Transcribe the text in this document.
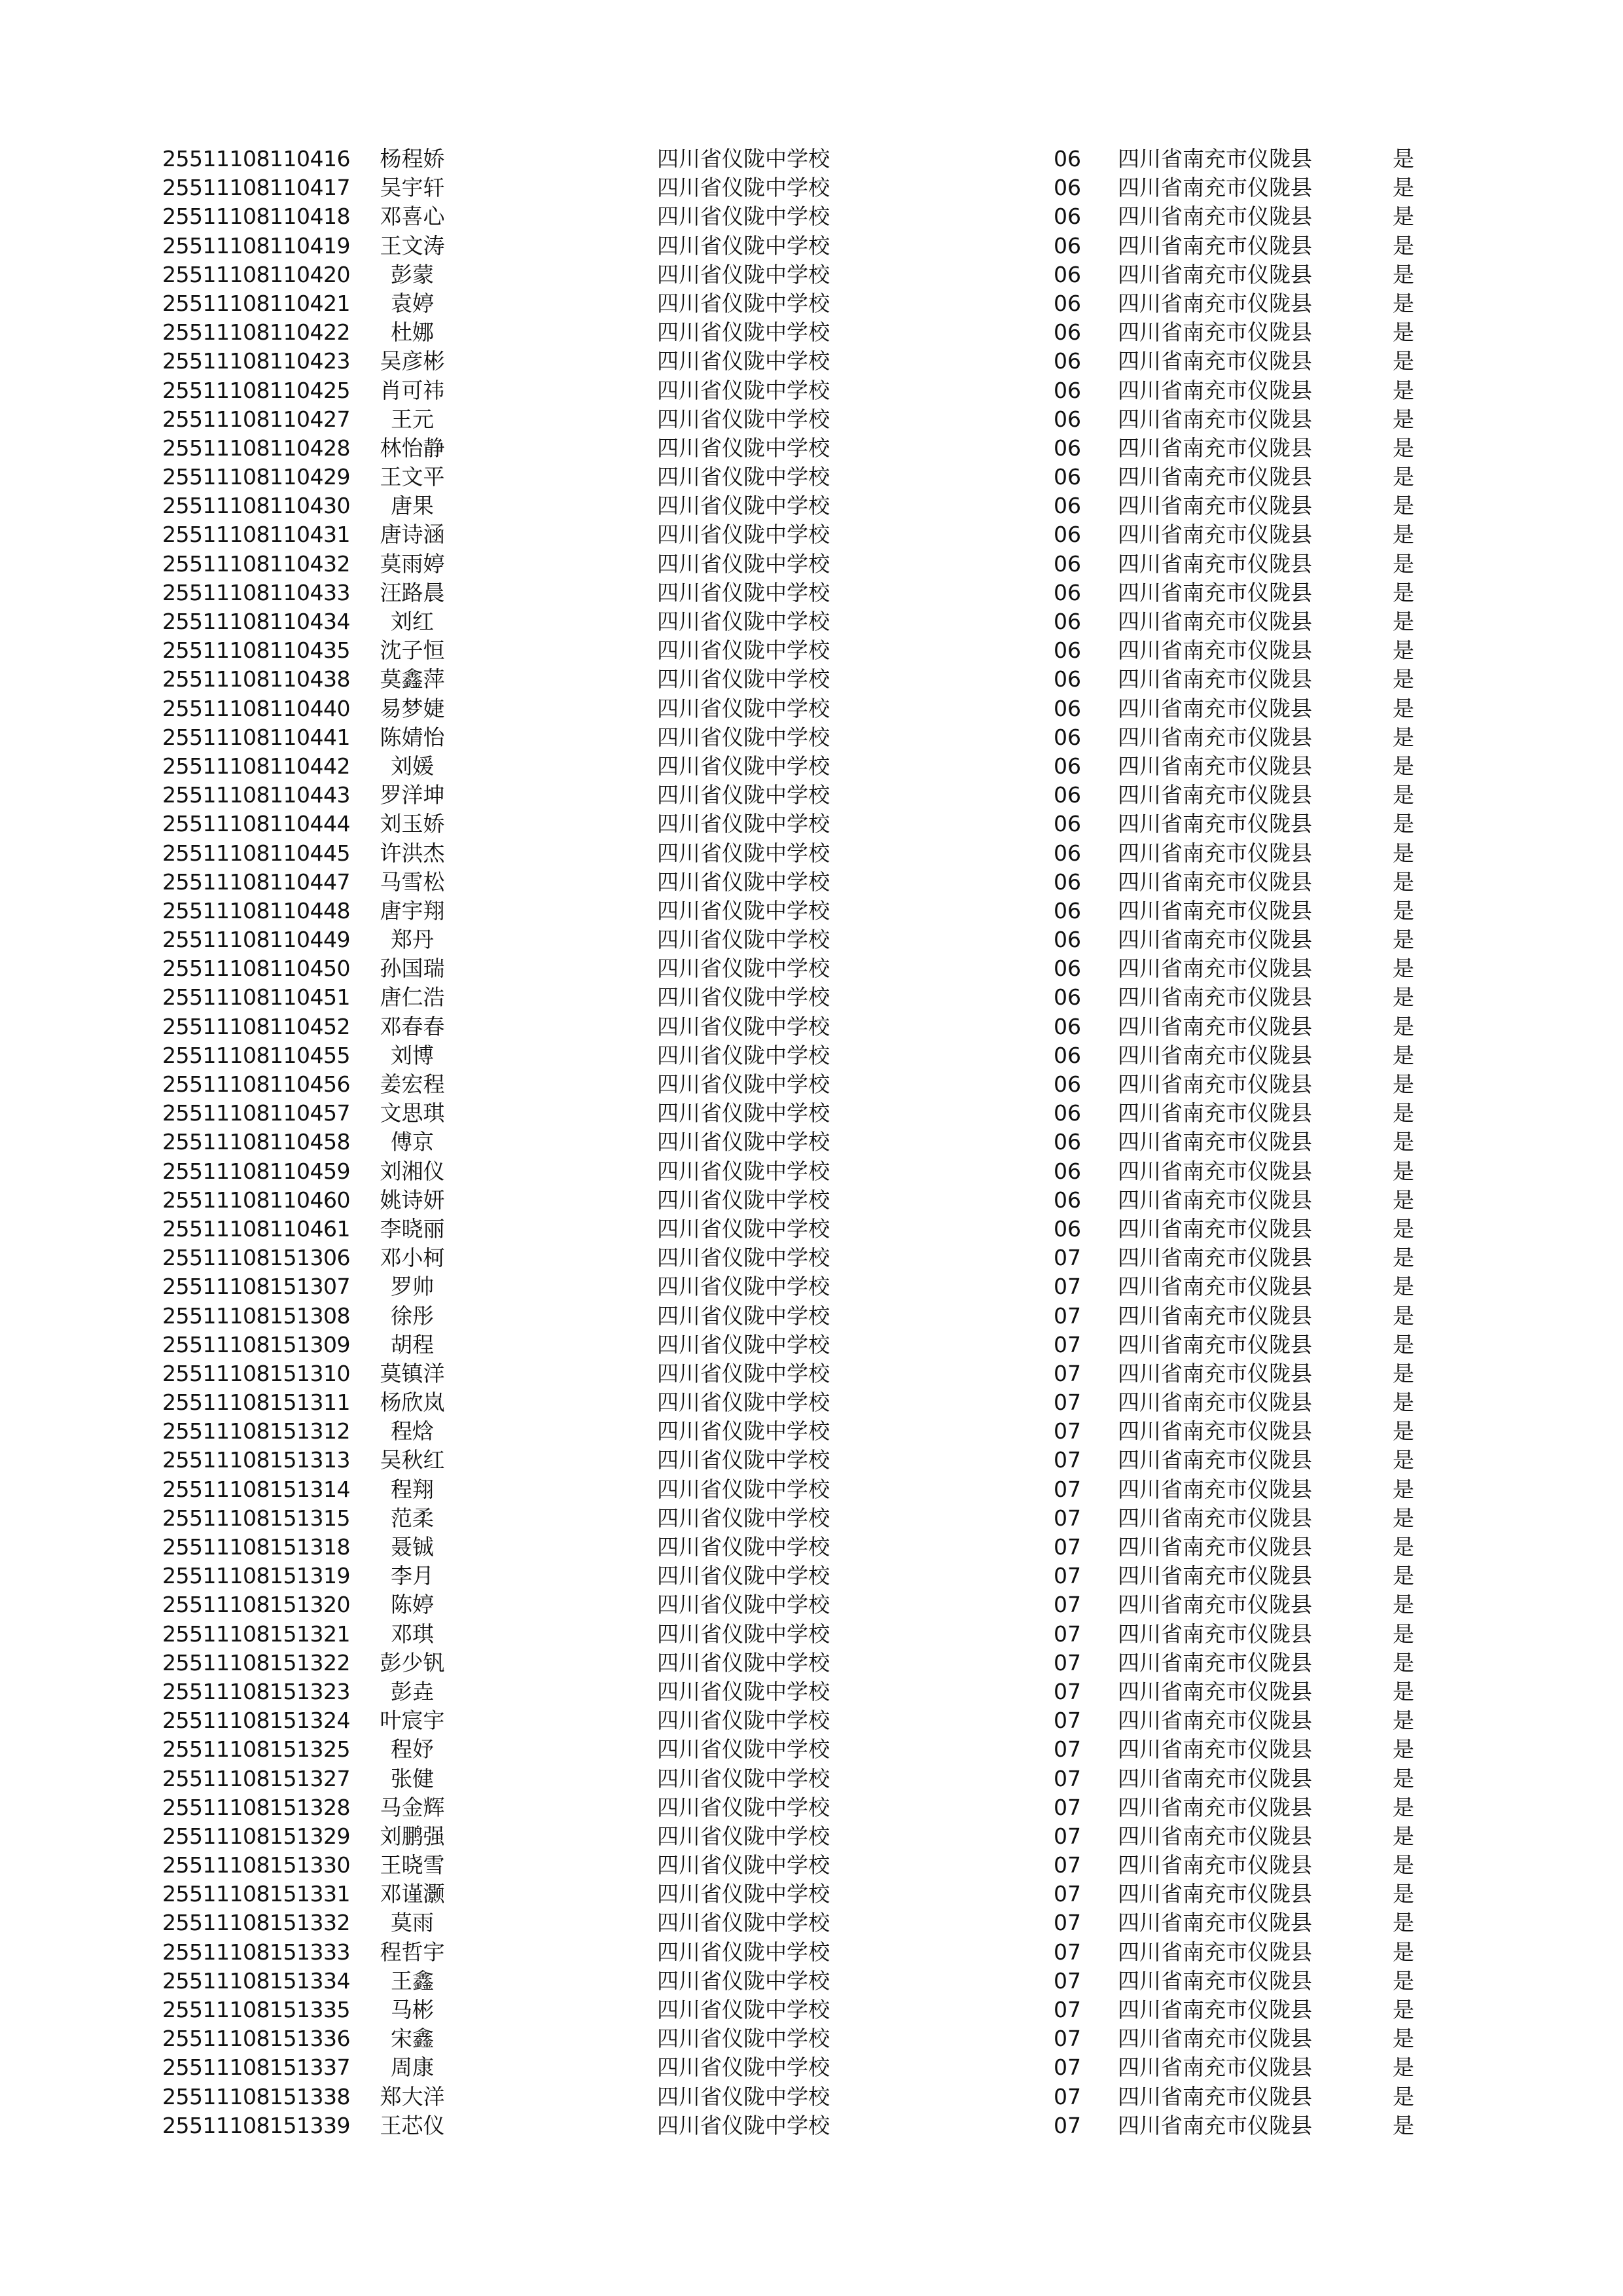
25511108110416	杨程娇	四川省仪陇中学校	06 四川省南充市仪陇县	是
25511108110417	吴宇轩	四川省仪陇中学校	06 四川省南充市仪陇县	是
25511108110418	邓喜心	四川省仪陇中学校	06 四川省南充市仪陇县	是
25511108110419	王文涛	四川省仪陇中学校	06 四川省南充市仪陇县	是
25511108110420	彭蒙	四川省仪陇中学校	06 四川省南充市仪陇县	是
25511108110421	袁婷	四川省仪陇中学校	06 四川省南充市仪陇县	是
25511108110422	杜娜	四川省仪陇中学校	06 四川省南充市仪陇县	是
25511108110423	吴彦彬	四川省仪陇中学校	06 四川省南充市仪陇县	是
25511108110425	肖可祎	四川省仪陇中学校	06 四川省南充市仪陇县	是
25511108110427	王元	四川省仪陇中学校	06 四川省南充市仪陇县	是
25511108110428	林怡静	四川省仪陇中学校	06 四川省南充市仪陇县	是
25511108110429	王文平	四川省仪陇中学校	06 四川省南充市仪陇县	是
25511108110430	唐果	四川省仪陇中学校	06 四川省南充市仪陇县	是
25511108110431	唐诗涵	四川省仪陇中学校	06 四川省南充市仪陇县	是
25511108110432	莫雨婷	四川省仪陇中学校	06 四川省南充市仪陇县	是
25511108110433	汪路晨	四川省仪陇中学校	06 四川省南充市仪陇县	是
25511108110434	刘红	四川省仪陇中学校	06 四川省南充市仪陇县	是
25511108110435	沈子恒	四川省仪陇中学校	06 四川省南充市仪陇县	是
25511108110438	莫鑫萍	四川省仪陇中学校	06 四川省南充市仪陇县	是
25511108110440	易梦婕	四川省仪陇中学校	06 四川省南充市仪陇县	是
25511108110441	陈婧怡	四川省仪陇中学校	06 四川省南充市仪陇县	是
25511108110442	刘媛	四川省仪陇中学校	06 四川省南充市仪陇县	是
25511108110443	罗洋坤	四川省仪陇中学校	06 四川省南充市仪陇县	是
25511108110444	刘玉娇	四川省仪陇中学校	06 四川省南充市仪陇县	是
25511108110445	许洪杰	四川省仪陇中学校	06 四川省南充市仪陇县	是
25511108110447	马雪松	四川省仪陇中学校	06 四川省南充市仪陇县	是
25511108110448	唐宇翔	四川省仪陇中学校	06 四川省南充市仪陇县	是
25511108110449	郑丹	四川省仪陇中学校	06 四川省南充市仪陇县	是
25511108110450	孙国瑞	四川省仪陇中学校	06 四川省南充市仪陇县	是
25511108110451	唐仁浩	四川省仪陇中学校	06 四川省南充市仪陇县	是
25511108110452	邓春春	四川省仪陇中学校	06 四川省南充市仪陇县	是
25511108110455	刘博	四川省仪陇中学校	06 四川省南充市仪陇县	是
25511108110456	姜宏程	四川省仪陇中学校	06 四川省南充市仪陇县	是
25511108110457	文思琪	四川省仪陇中学校	06 四川省南充市仪陇县	是
25511108110458	傅京	四川省仪陇中学校	06 四川省南充市仪陇县	是
25511108110459	刘湘仪	四川省仪陇中学校	06 四川省南充市仪陇县	是
25511108110460	姚诗妍	四川省仪陇中学校	06 四川省南充市仪陇县	是
25511108110461	李晓丽	四川省仪陇中学校	06 四川省南充市仪陇县	是
25511108151306	邓小柯	四川省仪陇中学校	07 四川省南充市仪陇县	是
25511108151307	罗帅	四川省仪陇中学校	07 四川省南充市仪陇县	是
25511108151308	徐彤	四川省仪陇中学校	07 四川省南充市仪陇县	是
25511108151309	胡程	四川省仪陇中学校	07 四川省南充市仪陇县	是
25511108151310	莫镇洋	四川省仪陇中学校	07 四川省南充市仪陇县	是
25511108151311	杨欣岚	四川省仪陇中学校	07 四川省南充市仪陇县	是
25511108151312	程焓	四川省仪陇中学校	07 四川省南充市仪陇县	是
25511108151313	吴秋红	四川省仪陇中学校	07 四川省南充市仪陇县	是
25511108151314	程翔	四川省仪陇中学校	07 四川省南充市仪陇县	是
25511108151315	范柔	四川省仪陇中学校	07 四川省南充市仪陇县	是
25511108151318	聂铖	四川省仪陇中学校	07 四川省南充市仪陇县	是
25511108151319	李月	四川省仪陇中学校	07 四川省南充市仪陇县	是
25511108151320	陈婷	四川省仪陇中学校	07 四川省南充市仪陇县	是
25511108151321	邓琪	四川省仪陇中学校	07 四川省南充市仪陇县	是
25511108151322	彭少钒	四川省仪陇中学校	07 四川省南充市仪陇县	是
25511108151323	彭垚	四川省仪陇中学校	07 四川省南充市仪陇县	是
25511108151324	叶宸宇	四川省仪陇中学校	07 四川省南充市仪陇县	是
25511108151325	程妤	四川省仪陇中学校	07 四川省南充市仪陇县	是
25511108151327	张健	四川省仪陇中学校	07 四川省南充市仪陇县	是
25511108151328	马金辉	四川省仪陇中学校	07 四川省南充市仪陇县	是
25511108151329	刘鹏强	四川省仪陇中学校	07 四川省南充市仪陇县	是
25511108151330	王晓雪	四川省仪陇中学校	07 四川省南充市仪陇县	是
25511108151331	邓谨灏	四川省仪陇中学校	07 四川省南充市仪陇县	是
25511108151332	莫雨	四川省仪陇中学校	07 四川省南充市仪陇县	是
25511108151333	程哲宇	四川省仪陇中学校	07 四川省南充市仪陇县	是
25511108151334	王鑫	四川省仪陇中学校	07 四川省南充市仪陇县	是
25511108151335	马彬	四川省仪陇中学校	07 四川省南充市仪陇县	是
25511108151336	宋鑫	四川省仪陇中学校	07 四川省南充市仪陇县	是
25511108151337	周康	四川省仪陇中学校	07 四川省南充市仪陇县	是
25511108151338	郑大洋	四川省仪陇中学校	07 四川省南充市仪陇县	是
25511108151339	王芯仪	四川省仪陇中学校	07 四川省南充市仪陇县	是
